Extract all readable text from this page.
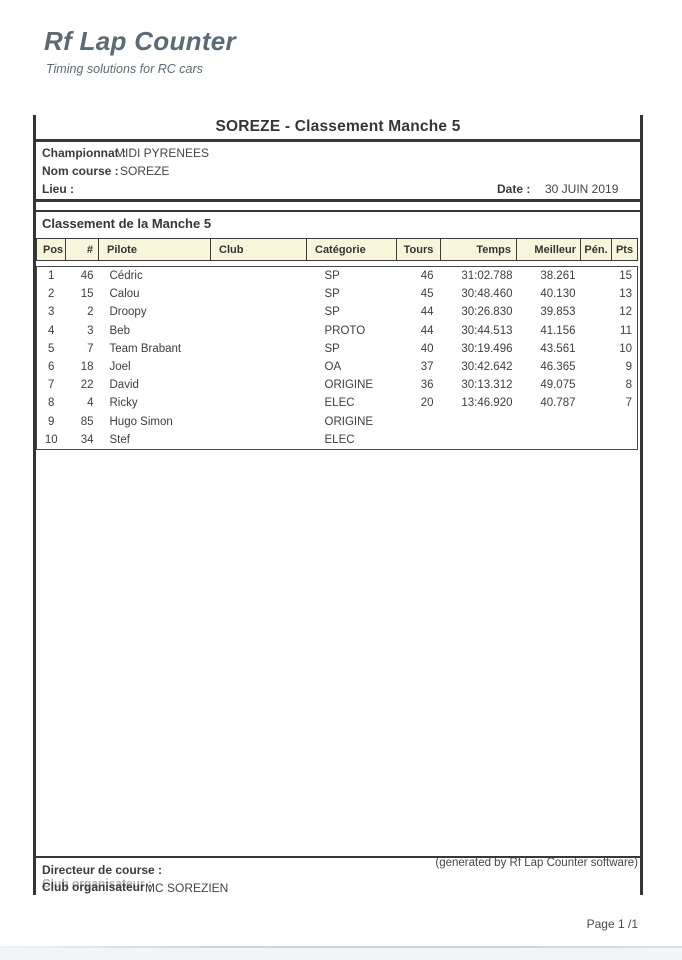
Rf Lap Counter
Timing solutions for RC cars
SOREZE - Classement Manche 5
Championnat :
MIDI PYRENEES
Nom course : SOREZE
Lieu :	Date : 30 JUIN 2019
Classement de la Manche 5
Pos	#	Pilote	Club	Catégorie	Tours	Temps	Meilleur	Pén.	Pts
1	46	Cédric		SP	46	31:02.788	38.261		15
2	15	Calou		SP	45	30:48.460	40.130		13
3	2	Droopy		SP	44	30:26.830	39.853		12
4	3	Beb		PROTO	44	30:44.513	41.156		11
5	7	Team Brabant		SP	40	30:19.496	43.561		10
6	18	Joel		OA	37	30:42.642	46.365		9
7	22	David		ORIGINE	36	30:13.312	49.075		8
8	4	Ricky		ELEC	20	13:46.920	40.787		7
9	85	Hugo Simon		ORIGINE					
10	34	Stef		ELEC					
(generated by Rf Lap Counter software)
Directeur de course :
Club organisateur :
MC SOREZIEN
Page 1 /1
